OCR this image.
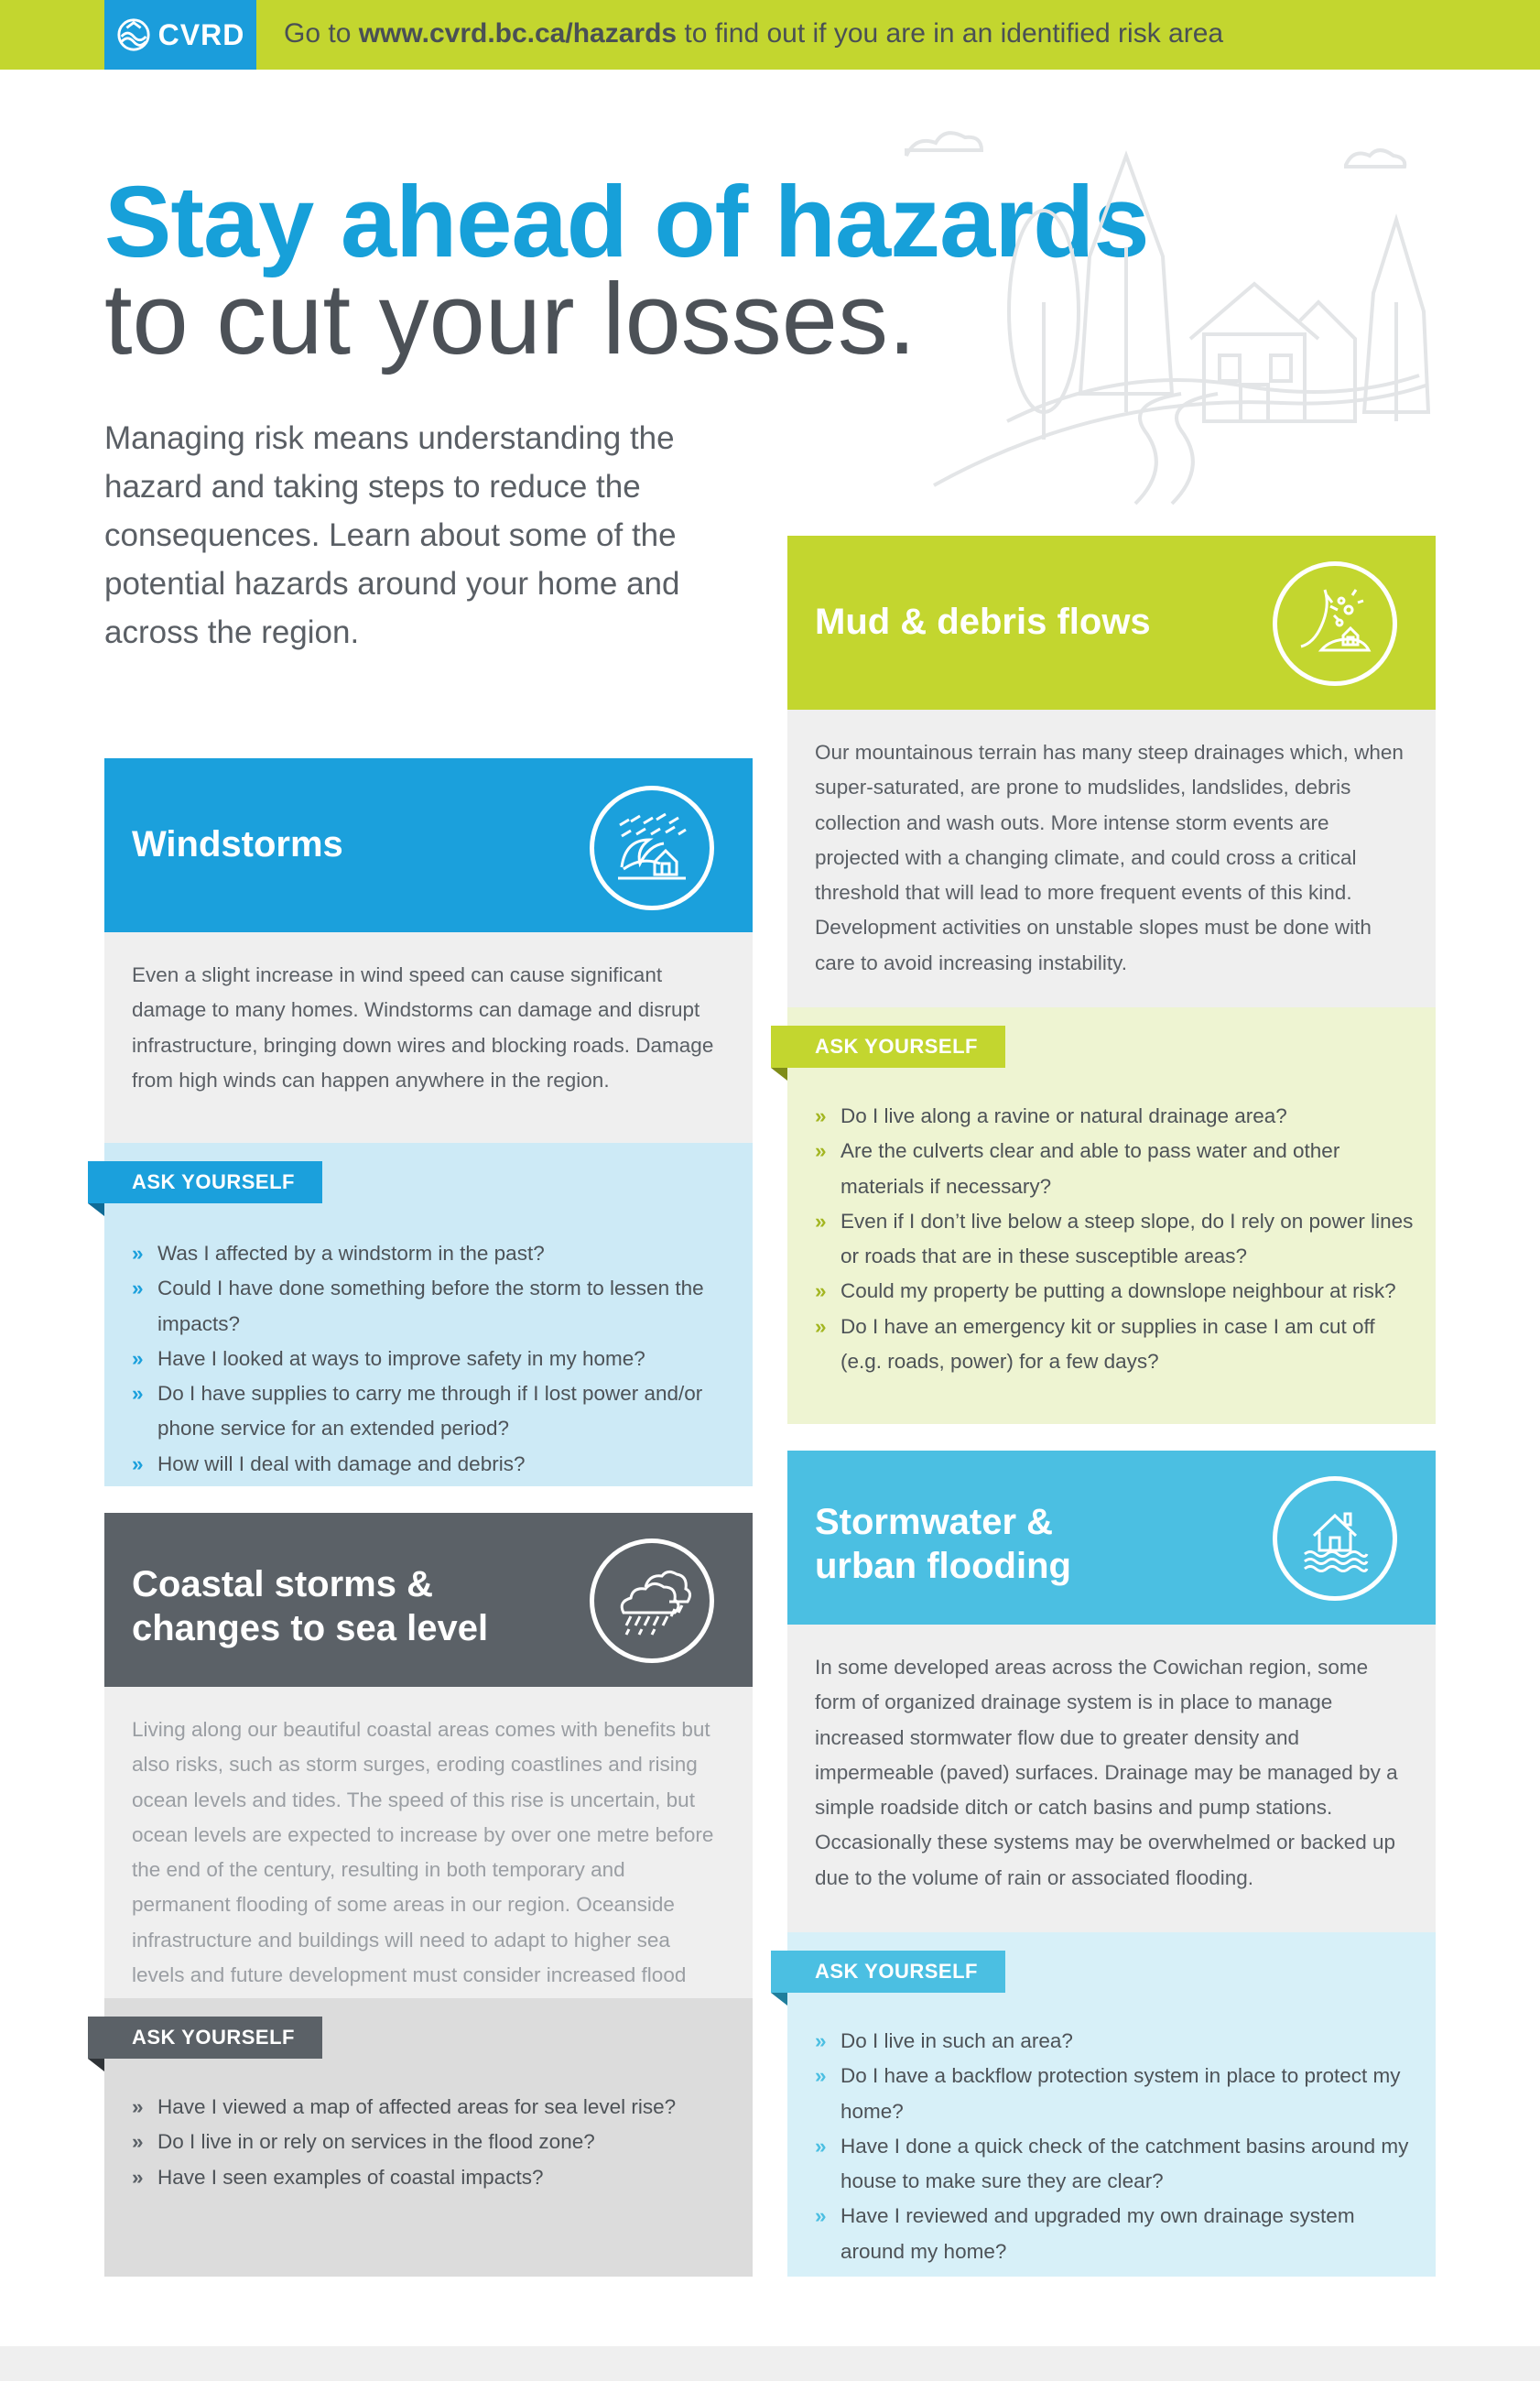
CVRD Go to www.cvrd.bc.ca/hazards to find out if you are in an identified risk area
Stay ahead of hazards
to cut your losses.

Managing risk means understanding the hazard and taking steps to reduce the consequences. Learn about some of the potential hazards around your home and across the region.

Windstorms
Even a slight increase in wind speed can cause significant damage to many homes. Windstorms can damage and disrupt infrastructure, bringing down wires and blocking roads. Damage from high winds can happen anywhere in the region.
ASK YOURSELF
» Was I affected by a windstorm in the past?
» Could I have done something before the storm to lessen the impacts?
» Have I looked at ways to improve safety in my home?
» Do I have supplies to carry me through if I lost power and/or phone service for an extended period?
» How will I deal with damage and debris?
Coastal storms &
changes to sea level
Living along our beautiful coastal areas comes with benefits but also risks, such as storm surges, eroding coastlines and rising ocean levels and tides. The speed of this rise is uncertain, but ocean levels are expected to increase by over one metre before the end of the century, resulting in both temporary and permanent flooding of some areas in our region. Oceanside infrastructure and buildings will need to adapt to higher sea levels and future development must consider increased flood
ASK YOURSELF
» Have I viewed a map of affected areas for sea level rise?
» Do I live in or rely on services in the flood zone?
» Have I seen examples of coastal impacts?
Mud & debris flows
Our mountainous terrain has many steep drainages which, when super-saturated, are prone to mudslides, landslides, debris collection and wash outs. More intense storm events are projected with a changing climate, and could cross a critical threshold that will lead to more frequent events of this kind. Development activities on unstable slopes must be done with care to avoid increasing instability.
ASK YOURSELF
» Do I live along a ravine or natural drainage area?
» Are the culverts clear and able to pass water and other materials if necessary?
» Even if I don’t live below a steep slope, do I rely on power lines or roads that are in these susceptible areas?
» Could my property be putting a downslope neighbour at risk?
» Do I have an emergency kit or supplies in case I am cut off (e.g. roads, power) for a few days?
Stormwater &
urban flooding
In some developed areas across the Cowichan region, some form of organized drainage system is in place to manage increased stormwater flow due to greater density and impermeable (paved) surfaces. Drainage may be managed by a simple roadside ditch or catch basins and pump stations. Occasionally these systems may be overwhelmed or backed up due to the volume of rain or associated flooding.
ASK YOURSELF
» Do I live in such an area?
» Do I have a backflow protection system in place to protect my home?
» Have I done a quick check of the catchment basins around my house to make sure they are clear?
» Have I reviewed and upgraded my own drainage system around my home?
